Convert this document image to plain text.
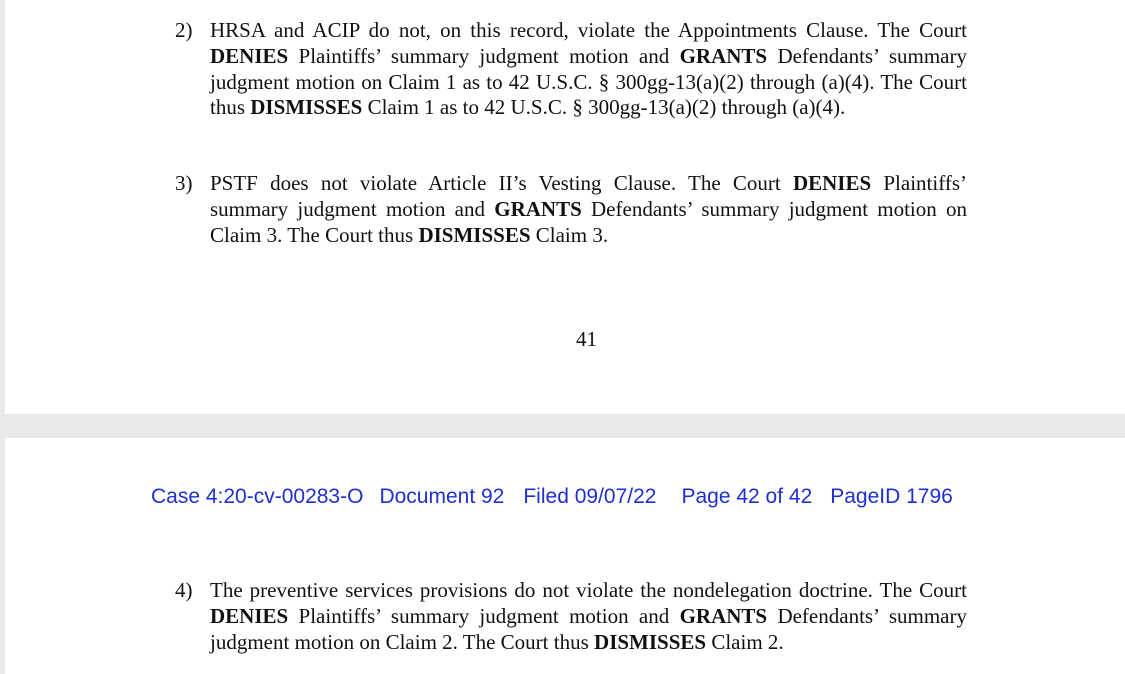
2) HRSA and ACIP do not, on this record, violate the Appointments Clause. The Court DENIES Plaintiffs’ summary judgment motion and GRANTS Defendants’ summary judgment motion on Claim 1 as to 42 U.S.C. § 300gg-13(a)(2) through (a)(4). The Court thus DISMISSES Claim 1 as to 42 U.S.C. § 300gg-13(a)(2) through (a)(4).
3) PSTF does not violate Article II’s Vesting Clause. The Court DENIES Plaintiffs’ summary judgment motion and GRANTS Defendants’ summary judgment motion on Claim 3. The Court thus DISMISSES Claim 3.
41
Case 4:20-cv-00283-O Document 92 Filed 09/07/22 Page 42 of 42 PageID 1796
4) The preventive services provisions do not violate the nondelegation doctrine. The Court DENIES Plaintiffs’ summary judgment motion and GRANTS Defendants’ summary judgment motion on Claim 2. The Court thus DISMISSES Claim 2.
